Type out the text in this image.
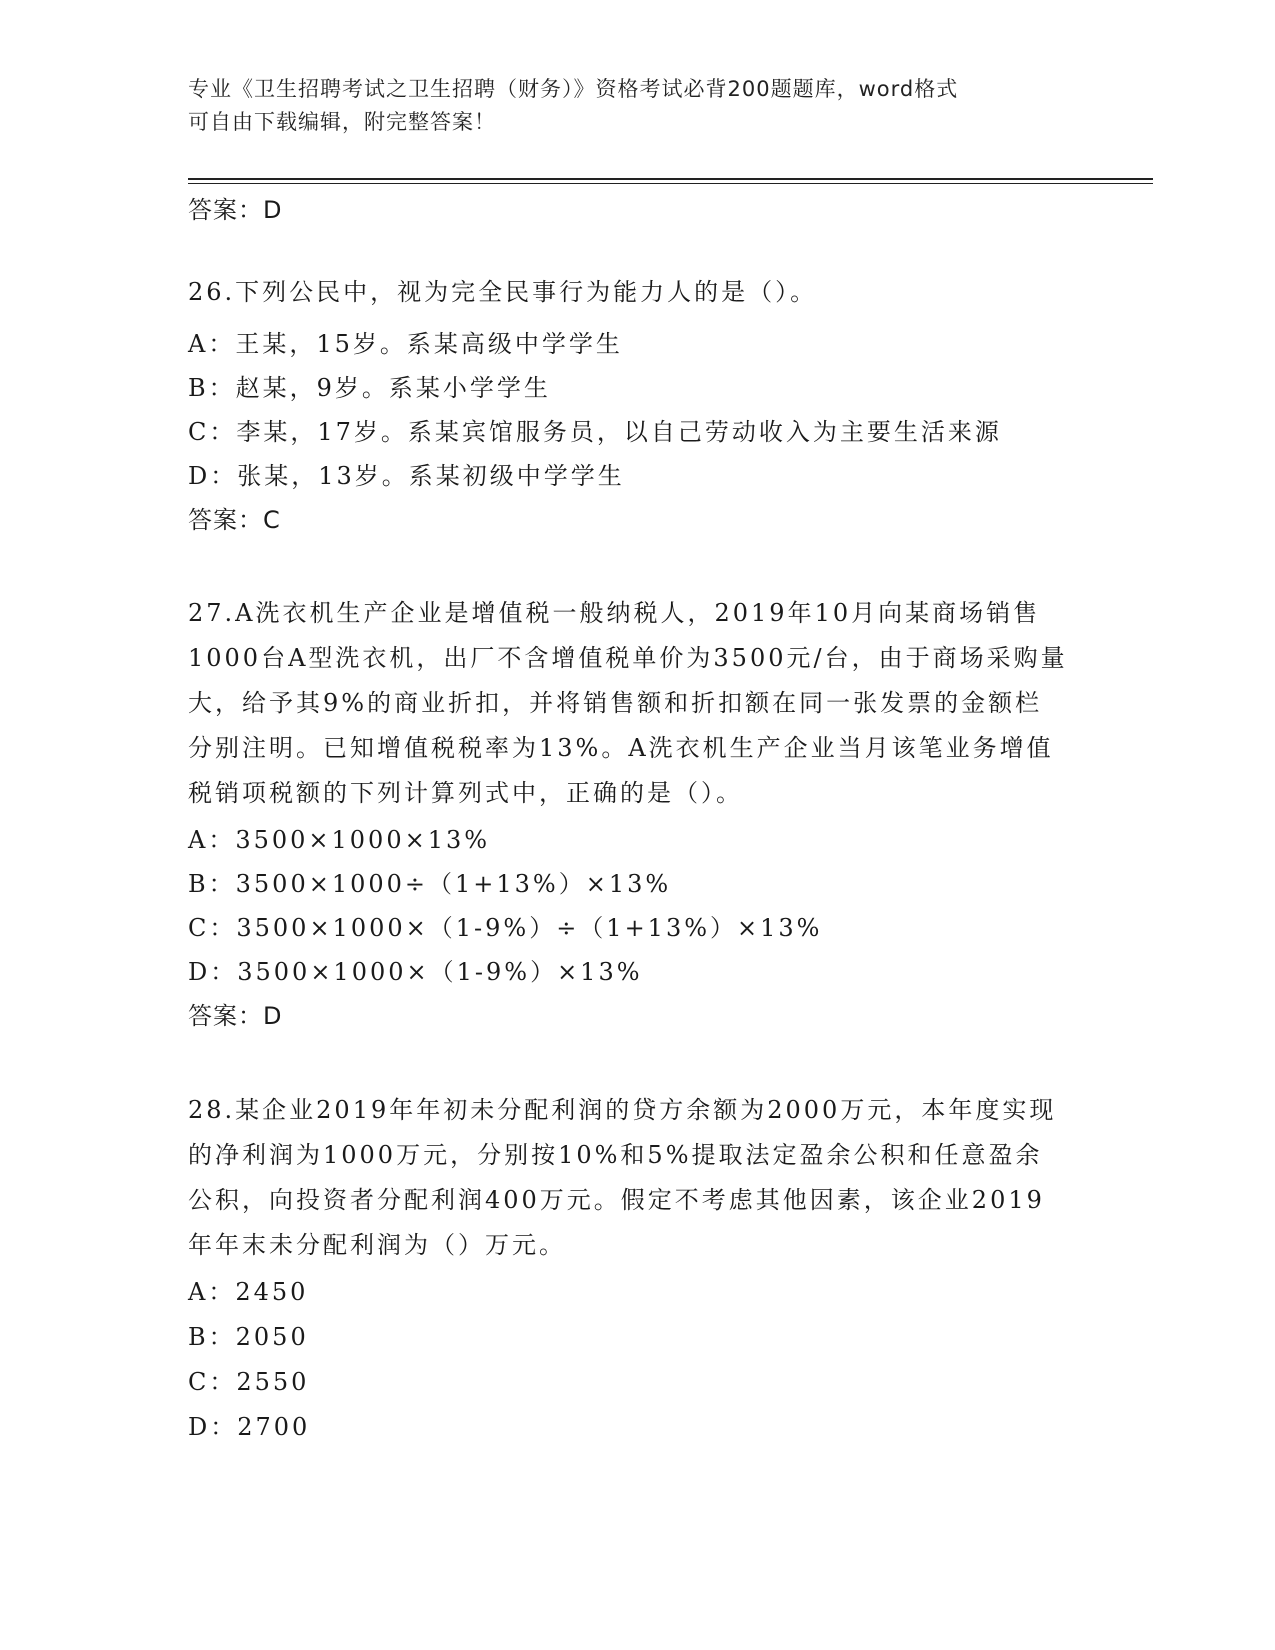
专业《卫生招聘考试之卫生招聘（财务）》资格考试必背200题题库，word格式
可自由下载编辑，附完整答案！
答案：D
26.下列公民中，视为完全民事行为能力人的是（）。
A：王某，15岁。系某高级中学学生
B：赵某，9岁。系某小学学生
C：李某，17岁。系某宾馆服务员，以自己劳动收入为主要生活来源
D：张某，13岁。系某初级中学学生
答案：C
27.A洗衣机生产企业是增值税一般纳税人，2019年10月向某商场销售1000台A型洗衣机，出厂不含增值税单价为3500元/台，由于商场采购量大，给予其9%的商业折扣，并将销售额和折扣额在同一张发票的金额栏分别注明。已知增值税税率为13%。A洗衣机生产企业当月该笔业务增值税销项税额的下列计算列式中，正确的是（）。
A：3500×1000×13%
B：3500×1000÷（1+13%）×13%
C：3500×1000×（1-9%）÷（1+13%）×13%
D：3500×1000×（1-9%）×13%
答案：D
28.某企业2019年年初未分配利润的贷方余额为2000万元，本年度实现的净利润为1000万元，分别按10%和5%提取法定盈余公积和任意盈余公积，向投资者分配利润400万元。假定不考虑其他因素，该企业2019年年末未分配利润为（）万元。
A：2450
B：2050
C：2550
D：2700
